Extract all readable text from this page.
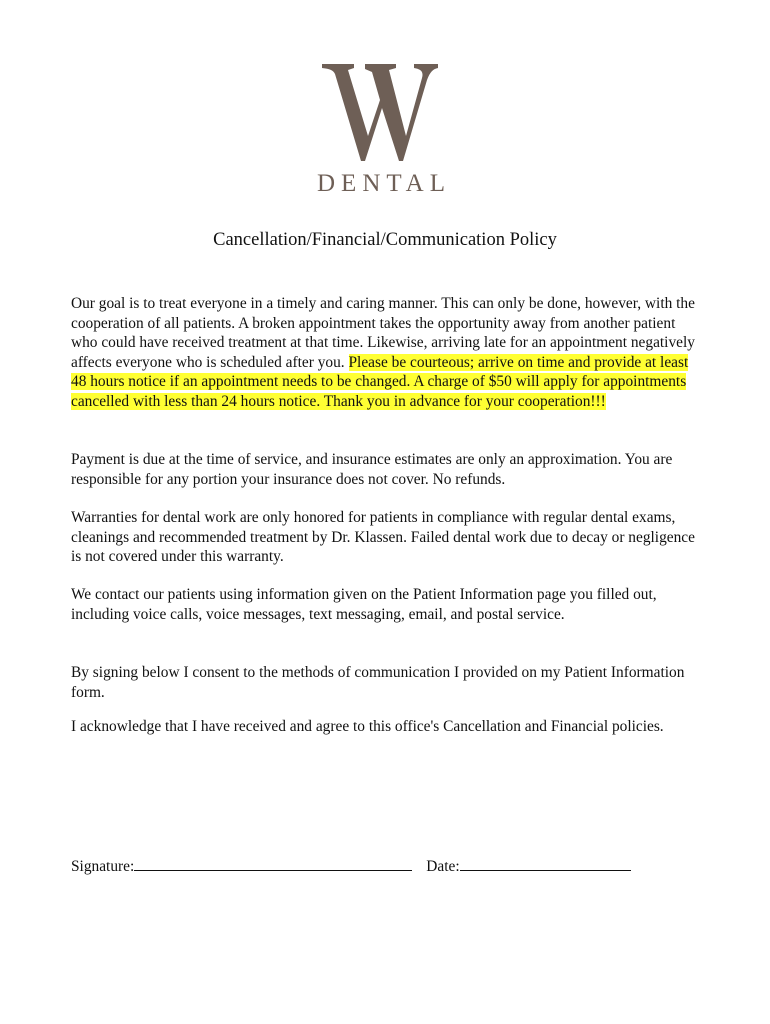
DENTAL
Cancellation/Financial/Communication Policy

Our goal is to treat everyone in a timely and caring manner. This can only be done, however, with the cooperation of all patients. A broken appointment takes the opportunity away from another patient who could have received treatment at that time. Likewise, arriving late for an appointment negatively affects everyone who is scheduled after you. Please be courteous; arrive on time and provide at least 48 hours notice if an appointment needs to be changed. A charge of $50 will apply for appointments cancelled with less than 24 hours notice. Thank you in advance for your cooperation!!!

Payment is due at the time of service, and insurance estimates are only an approximation. You are responsible for any portion your insurance does not cover. No refunds.

Warranties for dental work are only honored for patients in compliance with regular dental exams, cleanings and recommended treatment by Dr. Klassen. Failed dental work due to decay or negligence is not covered under this warranty.

We contact our patients using information given on the Patient Information page you filled out, including voice calls, voice messages, text messaging, email, and postal service.

By signing below I consent to the methods of communication I provided on my Patient Information form.

I acknowledge that I have received and agree to this office's Cancellation and Financial policies.

Signature:	Date:
